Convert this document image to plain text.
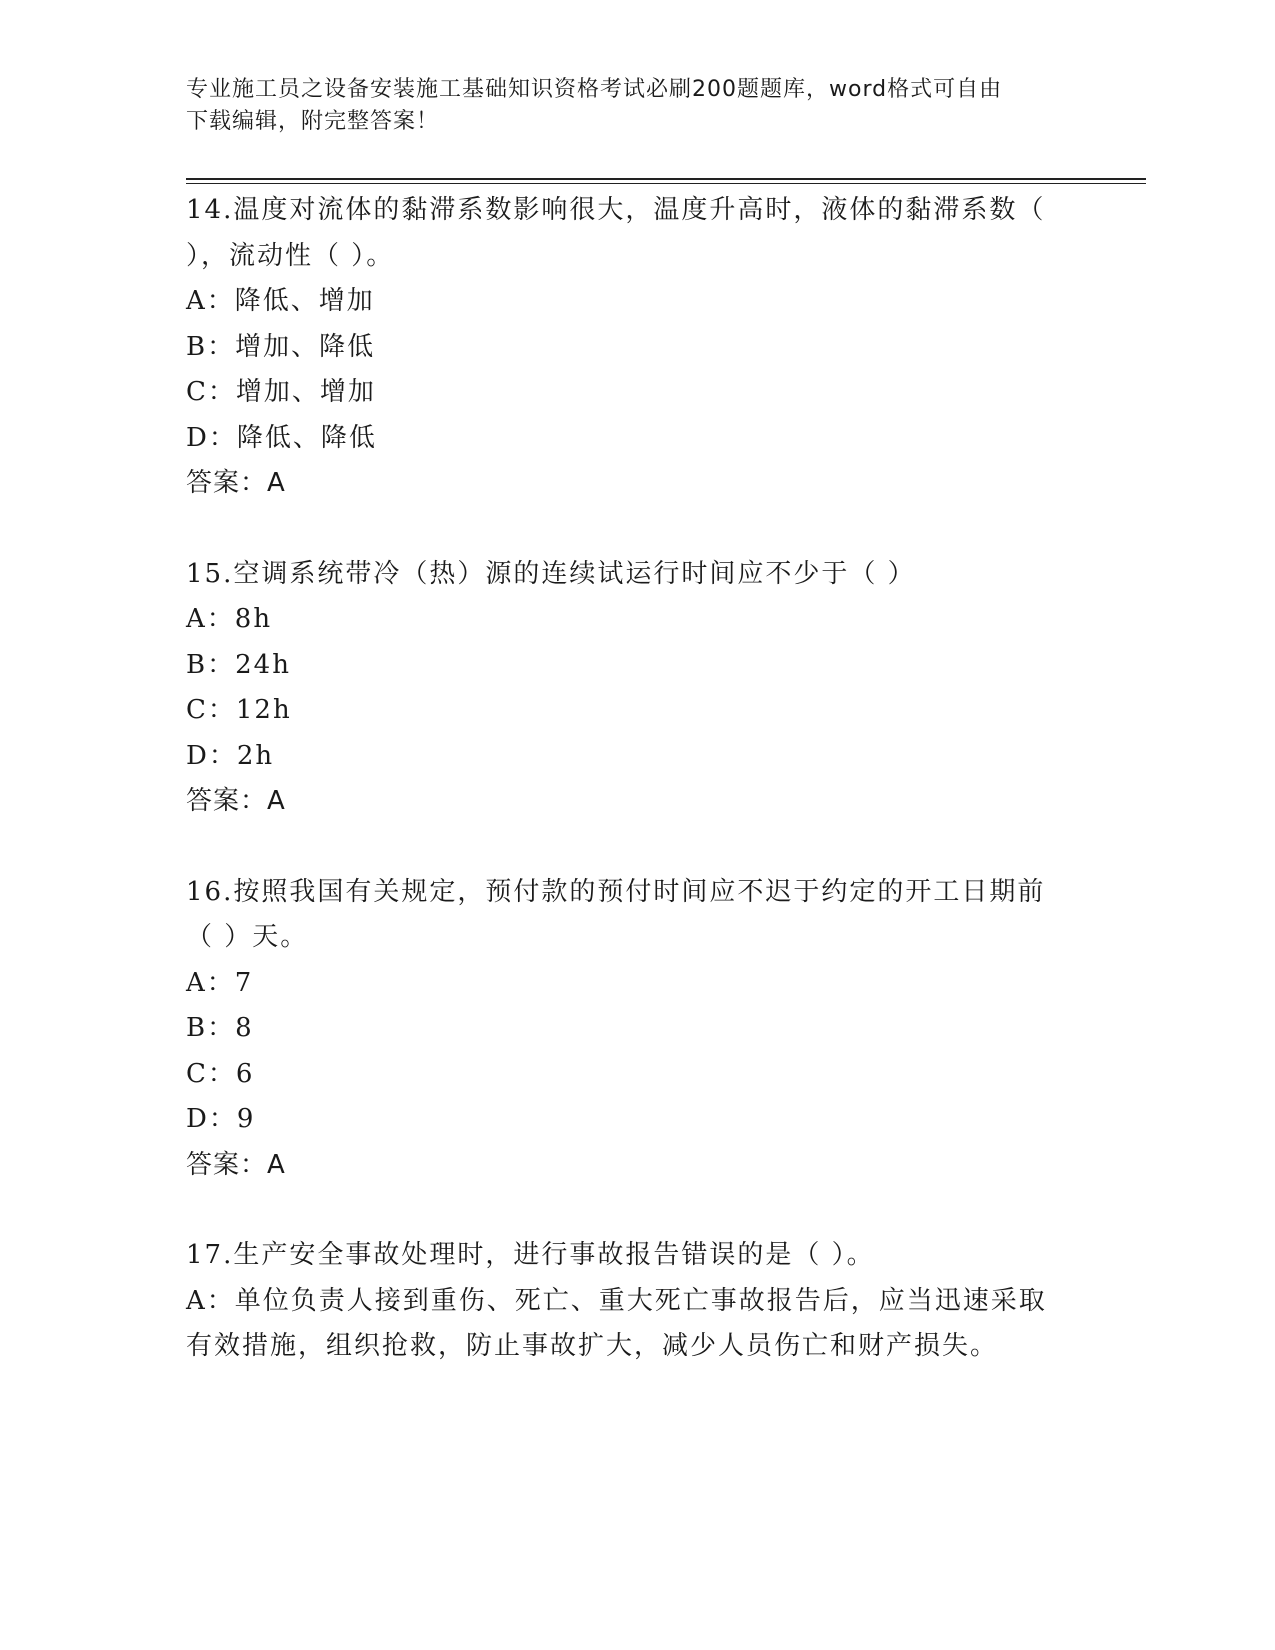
专业施工员之设备安装施工基础知识资格考试必刷200题题库，word格式可自由
下载编辑，附完整答案！
14.温度对流体的黏滞系数影响很大，温度升高时，液体的黏滞系数（
），流动性（ ）。
A：降低、增加
B：增加、降低
C：增加、增加
D：降低、降低
答案：A
15.空调系统带冷（热）源的连续试运行时间应不少于（ ）
A：8h
B：24h
C：12h
D：2h
答案：A
16.按照我国有关规定，预付款的预付时间应不迟于约定的开工日期前
（ ）天。
A：7
B：8
C：6
D：9
答案：A
17.生产安全事故处理时，进行事故报告错误的是（ ）。
A：单位负责人接到重伤、死亡、重大死亡事故报告后，应当迅速采取
有效措施，组织抢救，防止事故扩大，减少人员伤亡和财产损失。
